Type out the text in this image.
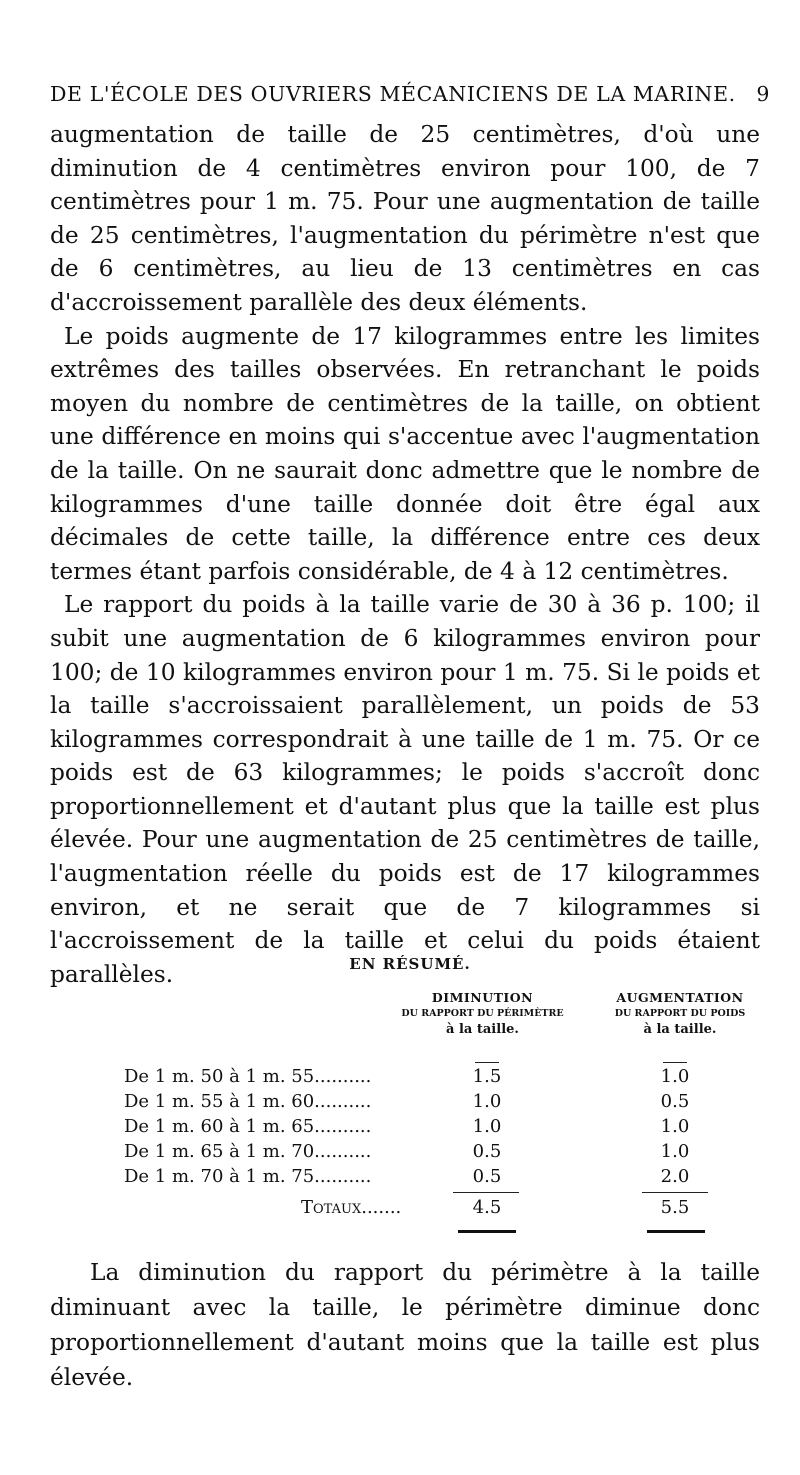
DE L'ÉCOLE DES OUVRIERS MÉCANICIENS DE LA MARINE. 9

augmentation de taille de 25 centimètres, d'où une diminution de 4 centimètres environ pour 100, de 7 centimètres pour 1 m. 75. Pour une augmentation de taille de 25 centimètres, l'augmentation du périmètre n'est que de 6 centimètres, au lieu de 13 centimètres en cas d'accroissement parallèle des deux éléments.

Le poids augmente de 17 kilogrammes entre les limites extrêmes des tailles observées. En retranchant le poids moyen du nombre de centimètres de la taille, on obtient une différence en moins qui s'accentue avec l'augmentation de la taille. On ne saurait donc admettre que le nombre de kilogrammes d'une taille donnée doit être égal aux décimales de cette taille, la différence entre ces deux termes étant parfois considérable, de 4 à 12 centimètres.

Le rapport du poids à la taille varie de 30 à 36 p. 100; il subit une augmentation de 6 kilogrammes environ pour 100; de 10 kilogrammes environ pour 1 m. 75. Si le poids et la taille s'accroissaient parallèlement, un poids de 53 kilogrammes correspondrait à une taille de 1 m. 75. Or ce poids est de 63 kilogrammes; le poids s'accroît donc proportionnellement et d'autant plus que la taille est plus élevée. Pour une augmentation de 25 centimètres de taille, l'augmentation réelle du poids est de 17 kilogrammes environ, et ne serait que de 7 kilogrammes si l'accroissement de la taille et celui du poids étaient parallèles.	EN RÉSUMÉ.
DIMINUTION
DU RAPPORT DU PÉRIMÈTRE
à la taille.
AUGMENTATION
DU RAPPORT DU POIDS
à la taille.
De 1 m. 50 à 1 m. 55..........	1.5	1.0
De 1 m. 55 à 1 m. 60..........	1.0	0.5
De 1 m. 60 à 1 m. 65..........	1.0	1.0
De 1 m. 65 à 1 m. 70..........	0.5	1.0
De 1 m. 70 à 1 m. 75..........	0.5	2.0
Totaux.......	4.5	5.5
La diminution du rapport du périmètre à la taille diminuant avec la taille, le périmètre diminue donc proportionnellement d'autant moins que la taille est plus élevée.
